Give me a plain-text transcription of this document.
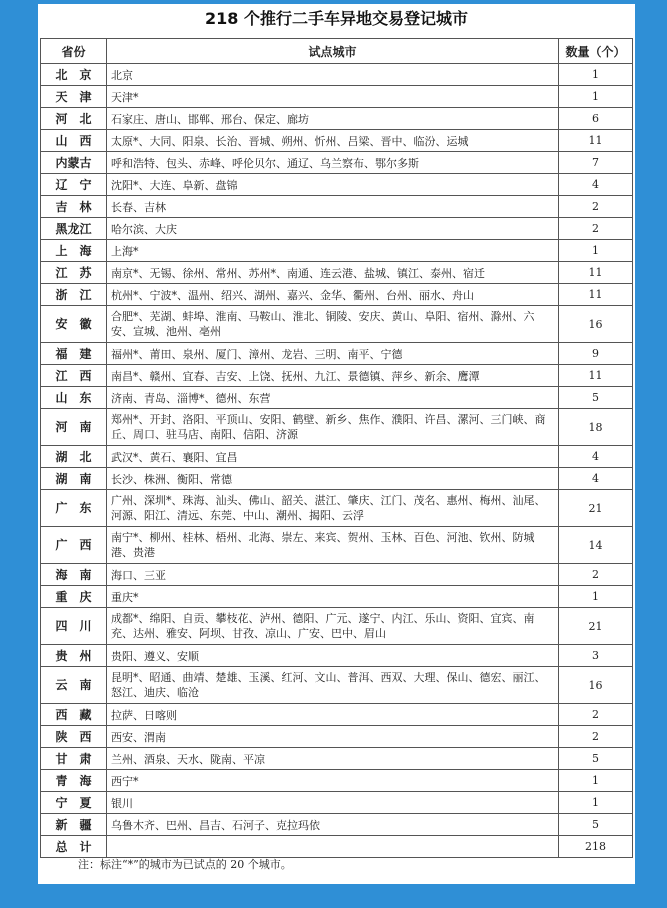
218 个推行二手车异地交易登记城市
省份	试点城市	数量（个）
北　京	北京	1
天　津	天津*	1
河　北	石家庄、唐山、邯郸、邢台、保定、廊坊	6
山　西	太原*、大同、阳泉、长治、晋城、朔州、忻州、吕梁、晋中、临汾、运城	11
内蒙古	呼和浩特、包头、赤峰、呼伦贝尔、通辽、乌兰察布、鄂尔多斯	7
辽　宁	沈阳*、大连、阜新、盘锦	4
吉　林	长春、吉林	2
黑龙江	哈尔滨、大庆	2
上　海	上海*	1
江　苏	南京*、无锡、徐州、常州、苏州*、南通、连云港、盐城、镇江、泰州、宿迁	11
浙　江	杭州*、宁波*、温州、绍兴、湖州、嘉兴、金华、衢州、台州、丽水、舟山	11
安　徽	合肥*、芜湖、蚌埠、淮南、马鞍山、淮北、铜陵、安庆、黄山、阜阳、宿州、滁州、六安、宣城、池州、亳州	16
福　建	福州*、莆田、泉州、厦门、漳州、龙岩、三明、南平、宁德	9
江　西	南昌*、赣州、宜春、吉安、上饶、抚州、九江、景德镇、萍乡、新余、鹰潭	11
山　东	济南、青岛、淄博*、德州、东营	5
河　南	郑州*、开封、洛阳、平顶山、安阳、鹤壁、新乡、焦作、濮阳、许昌、漯河、三门峡、商丘、周口、驻马店、南阳、信阳、济源	18
湖　北	武汉*、黄石、襄阳、宜昌	4
湖　南	长沙、株洲、衡阳、常德	4
广　东	广州、深圳*、珠海、汕头、佛山、韶关、湛江、肇庆、江门、茂名、惠州、梅州、汕尾、河源、阳江、清远、东莞、中山、潮州、揭阳、云浮	21
广　西	南宁*、柳州、桂林、梧州、北海、崇左、来宾、贺州、玉林、百色、河池、钦州、防城港、贵港	14
海　南	海口、三亚	2
重　庆	重庆*	1
四　川	成都*、绵阳、自贡、攀枝花、泸州、德阳、广元、遂宁、内江、乐山、资阳、宜宾、南充、达州、雅安、阿坝、甘孜、凉山、广安、巴中、眉山	21
贵　州	贵阳、遵义、安顺	3
云　南	昆明*、昭通、曲靖、楚雄、玉溪、红河、文山、普洱、西双、大理、保山、德宏、丽江、怒江、迪庆、临沧	16
西　藏	拉萨、日喀则	2
陕　西	西安、渭南	2
甘　肃	兰州、酒泉、天水、陇南、平凉	5
青　海	西宁*	1
宁　夏	银川	1
新　疆	乌鲁木齐、巴州、昌吉、石河子、克拉玛依	5
总　计		218
注：标注“*”的城市为已试点的 20 个城市。
